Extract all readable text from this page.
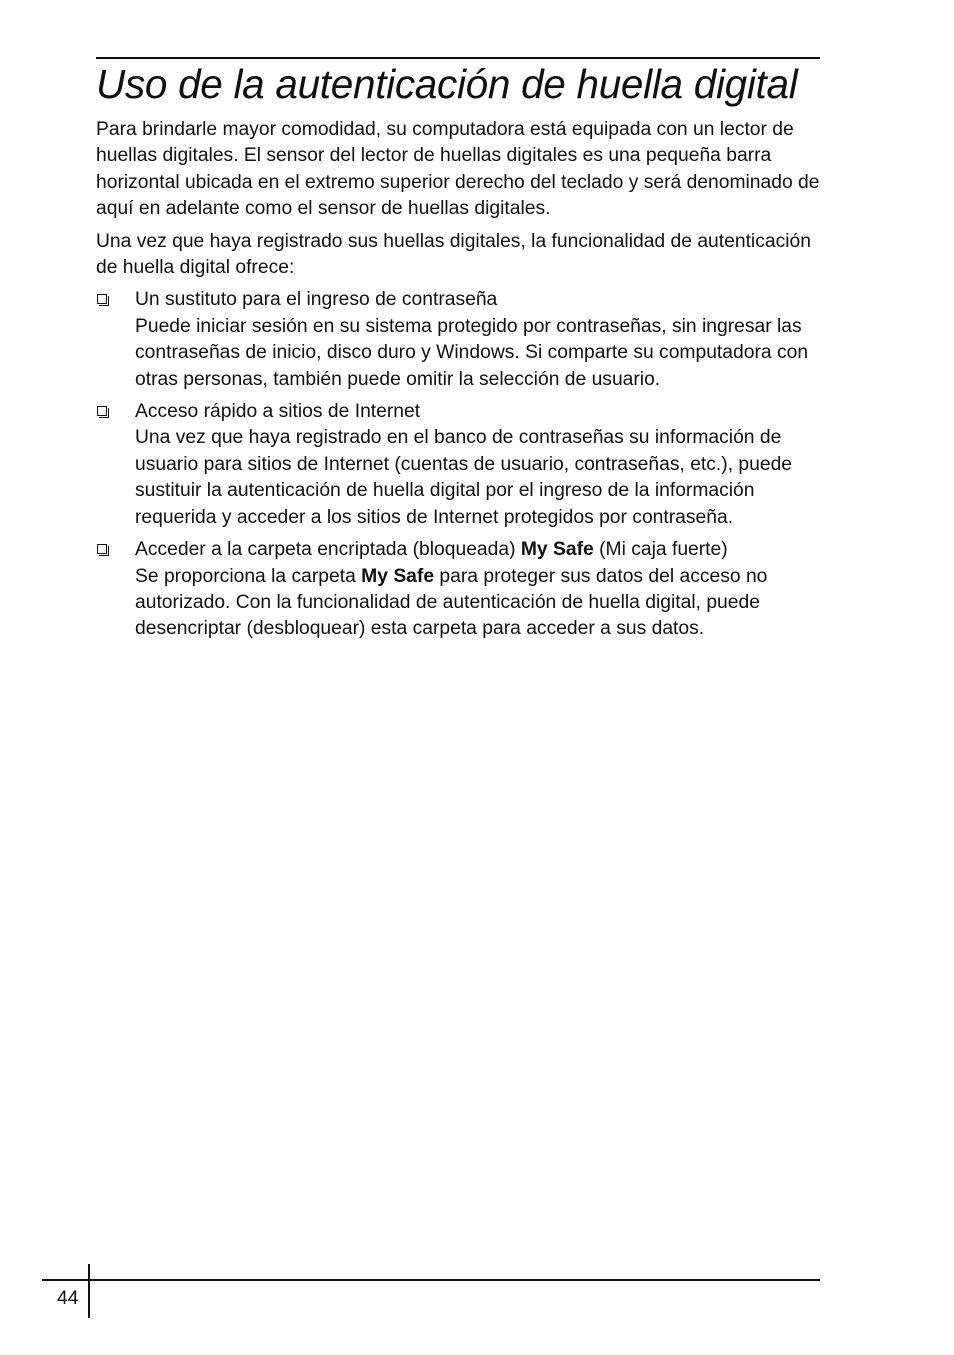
Uso de la autenticación de huella digital

Para brindarle mayor comodidad, su computadora está equipada con un lector de huellas digitales. El sensor del lector de huellas digitales es una pequeña barra horizontal ubicada en el extremo superior derecho del teclado y será denominado de aquí en adelante como el sensor de huellas digitales.

Una vez que haya registrado sus huellas digitales, la funcionalidad de autenticación de huella digital ofrece:

Un sustituto para el ingreso de contraseña
Puede iniciar sesión en su sistema protegido por contraseñas, sin ingresar las contraseñas de inicio, disco duro y Windows. Si comparte su computadora con otras personas, también puede omitir la selección de usuario.
Acceso rápido a sitios de Internet
Una vez que haya registrado en el banco de contraseñas su información de usuario para sitios de Internet (cuentas de usuario, contraseñas, etc.), puede sustituir la autenticación de huella digital por el ingreso de la información requerida y acceder a los sitios de Internet protegidos por contraseña.
Acceder a la carpeta encriptada (bloqueada) My Safe (Mi caja fuerte)
Se proporciona la carpeta My Safe para proteger sus datos del acceso no autorizado. Con la funcionalidad de autenticación de huella digital, puede desencriptar (desbloquear) esta carpeta para acceder a sus datos.
44
